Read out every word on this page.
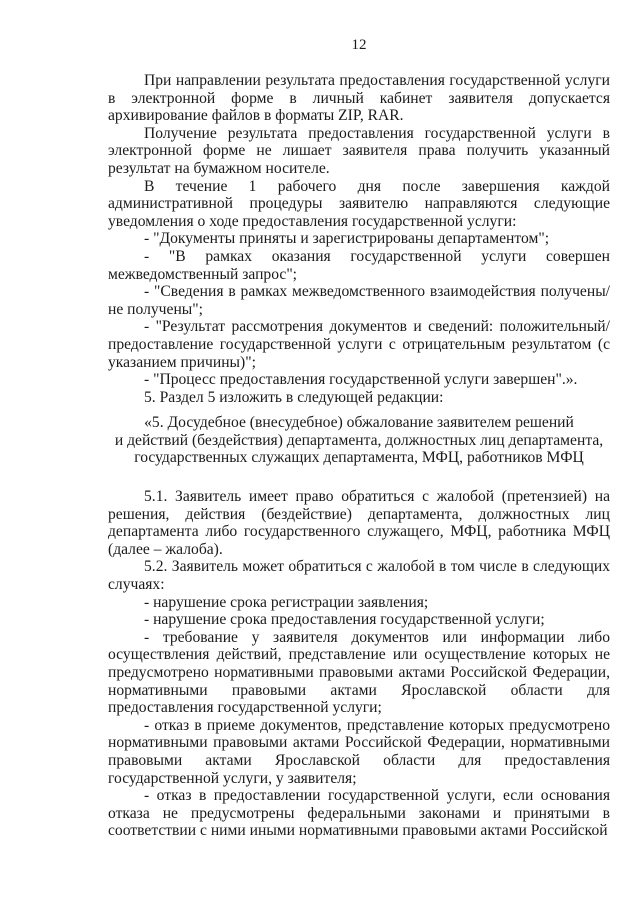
12

При направлении результата предоставления государственной услуги в электронной форме в личный кабинет заявителя допускается архивирование файлов в форматы ZIP, RAR.

Получение результата предоставления государственной услуги в электронной форме не лишает заявителя права получить указанный результат на бумажном носителе.

В течение 1 рабочего дня после завершения каждой административной процедуры заявителю направляются следующие уведомления о ходе предоставления государственной услуги:

- "Документы приняты и зарегистрированы департаментом";

- "В рамках оказания государственной услуги совершен межведомственный запрос";

- "Сведения в рамках межведомственного взаимодействия получены/не получены";

- "Результат рассмотрения документов и сведений: положительный/предоставление государственной услуги с отрицательным результатом (с указанием причины)";

- "Процесс предоставления государственной услуги завершен".».

5. Раздел 5 изложить в следующей редакции:

«5. Досудебное (внесудебное) обжалование заявителем решений

и действий (бездействия) департамента, должностных лиц департамента,

государственных служащих департамента, МФЦ, работников МФЦ

5.1. Заявитель имеет право обратиться с жалобой (претензией) на решения, действия (бездействие) департамента, должностных лиц департамента либо государственного служащего, МФЦ, работника МФЦ (далее – жалоба).

5.2. Заявитель может обратиться с жалобой в том числе в следующих случаях:

- нарушение срока регистрации заявления;

- нарушение срока предоставления государственной услуги;

- требование у заявителя документов или информации либо осуществления действий, представление или осуществление которых не предусмотрено нормативными правовыми актами Российской Федерации, нормативными правовыми актами Ярославской области для предоставления государственной услуги;

- отказ в приеме документов, представление которых предусмотрено нормативными правовыми актами Российской Федерации, нормативными правовыми актами Ярославской области для предоставления государственной услуги, у заявителя;

- отказ в предоставлении государственной услуги, если основания отказа не предусмотрены федеральными законами и принятыми в соответствии с ними иными нормативными правовыми актами Российской
